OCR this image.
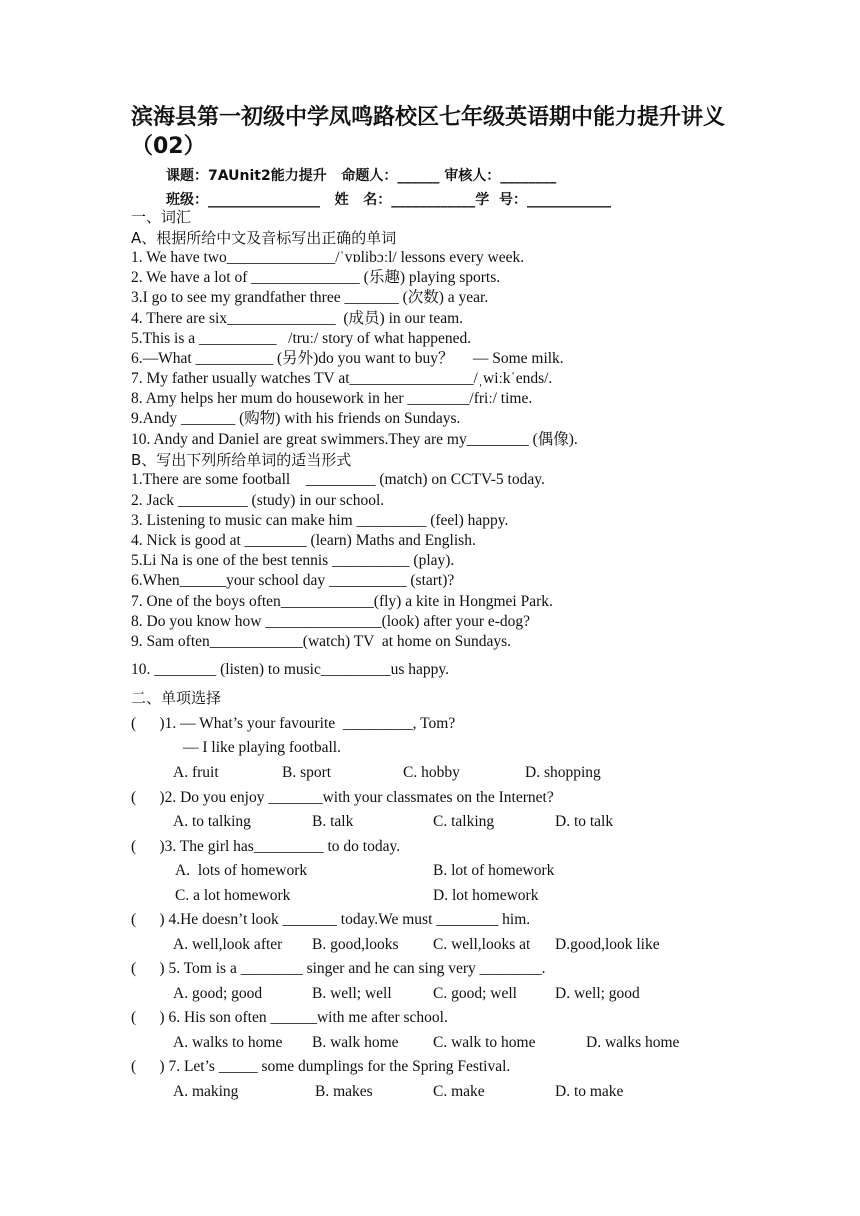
滨海县第一初级中学凤鸣路校区七年级英语期中能力提升讲义（02）
课题：7AUnit2能力提升   命题人：______ 审核人：________
班级：________________   姓   名：____________学  号：____________
一、词汇
A、根据所给中文及音标写出正确的单词
1. We have two______________/ˈvɒlibɔːl/ lessons every week.
2. We have a lot of ______________ (乐趣) playing sports.
3.I go to see my grandfather three _______ (次数) a year.
4. There are six______________  (成员) in our team.
5.This is a __________   /truː/ story of what happened.
6.—What __________ (另外)do you want to buy？     — Some milk.
7. My father usually watches TV at________________/ˌwiːkˈends/.
8. Amy helps her mum do housework in her ________/friː/ time.
9.Andy _______ (购物) with his friends on Sundays.
10. Andy and Daniel are great swimmers.They are my________ (偶像).
B、写出下列所给单词的适当形式
1.There are some football    _________ (match) on CCTV-5 today.
2. Jack _________ (study) in our school.
3. Listening to music can make him _________ (feel) happy.
4. Nick is good at ________ (learn) Maths and English.
5.Li Na is one of the best tennis __________ (play).
6.When______your school day __________ (start)?
7. One of the boys often____________(fly) a kite in Hongmei Park.
8. Do you know how _______________(look) after your e-dog?
9. Sam often____________(watch) TV  at home on Sundays.
10. ________ (listen) to music_________us happy.
二、单项选择
(      )1. — What’s your favourite  _________, Tom?
— I like playing football.
A. fruit	B. sport	C. hobby	D. shopping
(      )2. Do you enjoy _______with your classmates on the Internet?
A. to talking	B. talk	C. talking	D. to talk
(      )3. The girl has_________ to do today.
A.  lots of homework	B. lot of homework
C. a lot homework	D. lot homework
(      ) 4.He doesn’t look _______ today.We must ________ him.
A. well,look after B. good,looks C. well,looks at D.good,look like
(      ) 5. Tom is a ________ singer and he can sing very ________.
A. good; good	B. well; well	C. good; well D. well; good
(      ) 6. His son often ______with me after school.
A. walks to home B. walk home C. walk to home	D. walks home
(      ) 7. Let’s _____ some dumplings for the Spring Festival.
A. making	B. makes	C. make	D. to make
